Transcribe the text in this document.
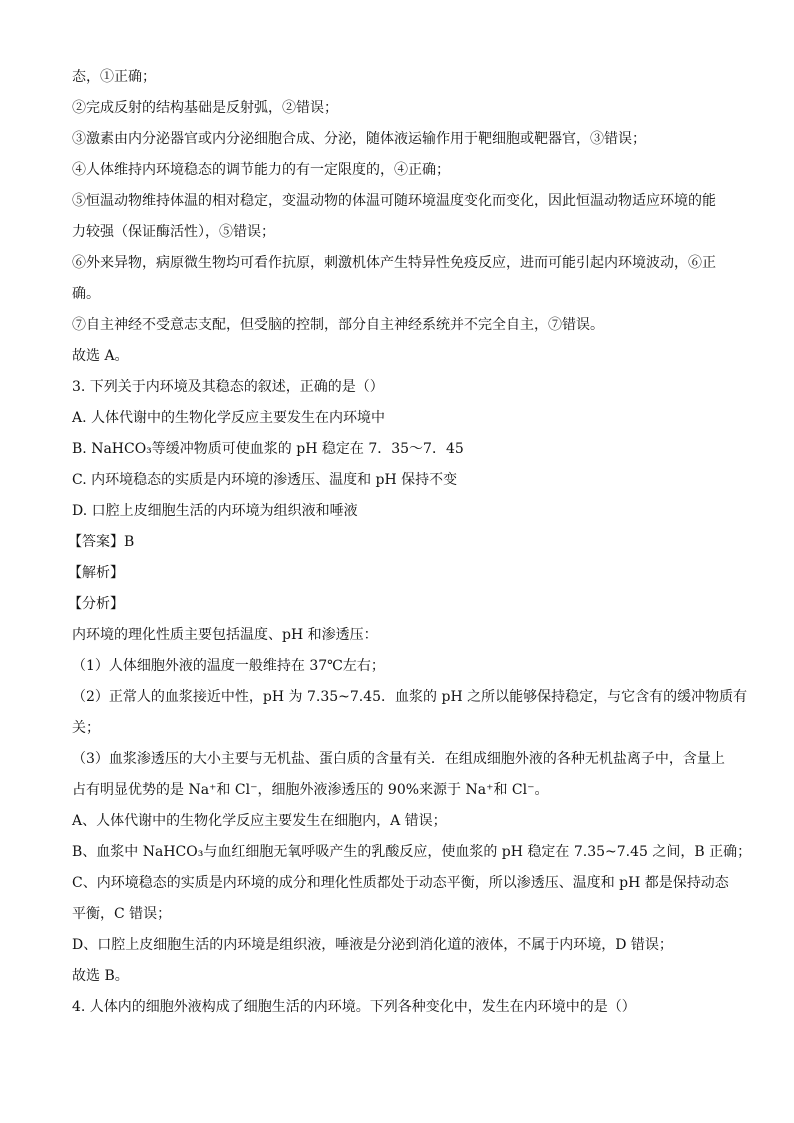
态，①正确；
②完成反射的结构基础是反射弧，②错误；
③激素由内分泌器官或内分泌细胞合成、分泌，随体液运输作用于靶细胞或靶器官，③错误；
④人体维持内环境稳态的调节能力的有一定限度的，④正确；
⑤恒温动物维持体温的相对稳定，变温动物的体温可随环境温度变化而变化，因此恒温动物适应环境的能
力较强（保证酶活性），⑤错误；
⑥外来异物，病原微生物均可看作抗原，刺激机体产生特异性免疫反应，进而可能引起内环境波动，⑥正
确。
⑦自主神经不受意志支配，但受脑的控制，部分自主神经系统并不完全自主，⑦错误。
故选 A。
3. 下列关于内环境及其稳态的叙述，正确的是（）
A. 人体代谢中的生物化学反应主要发生在内环境中
B. NaHCO₃等缓冲物质可使血浆的 pH 稳定在 7．35～7．45
C. 内环境稳态的实质是内环境的渗透压、温度和 pH 保持不变
D. 口腔上皮细胞生活的内环境为组织液和唾液
【答案】B
【解析】
【分析】
内环境的理化性质主要包括温度、pH 和渗透压：
（1）人体细胞外液的温度一般维持在 37℃左右；
（2）正常人的血浆接近中性，pH 为 7.35~7.45．血浆的 pH 之所以能够保持稳定，与它含有的缓冲物质有
关；
（3）血浆渗透压的大小主要与无机盐、蛋白质的含量有关．在组成细胞外液的各种无机盐离子中，含量上
占有明显优势的是 Na⁺和 Cl⁻，细胞外液渗透压的 90%来源于 Na⁺和 Cl⁻。
A、人体代谢中的生物化学反应主要发生在细胞内，A 错误；
B、血浆中 NaHCO₃与血红细胞无氧呼吸产生的乳酸反应，使血浆的 pH 稳定在 7.35~7.45 之间，B 正确；
C、内环境稳态的实质是内环境的成分和理化性质都处于动态平衡，所以渗透压、温度和 pH 都是保持动态
平衡，C 错误；
D、口腔上皮细胞生活的内环境是组织液，唾液是分泌到消化道的液体，不属于内环境，D 错误；
故选 B。
4. 人体内的细胞外液构成了细胞生活的内环境。下列各种变化中，发生在内环境中的是（）
